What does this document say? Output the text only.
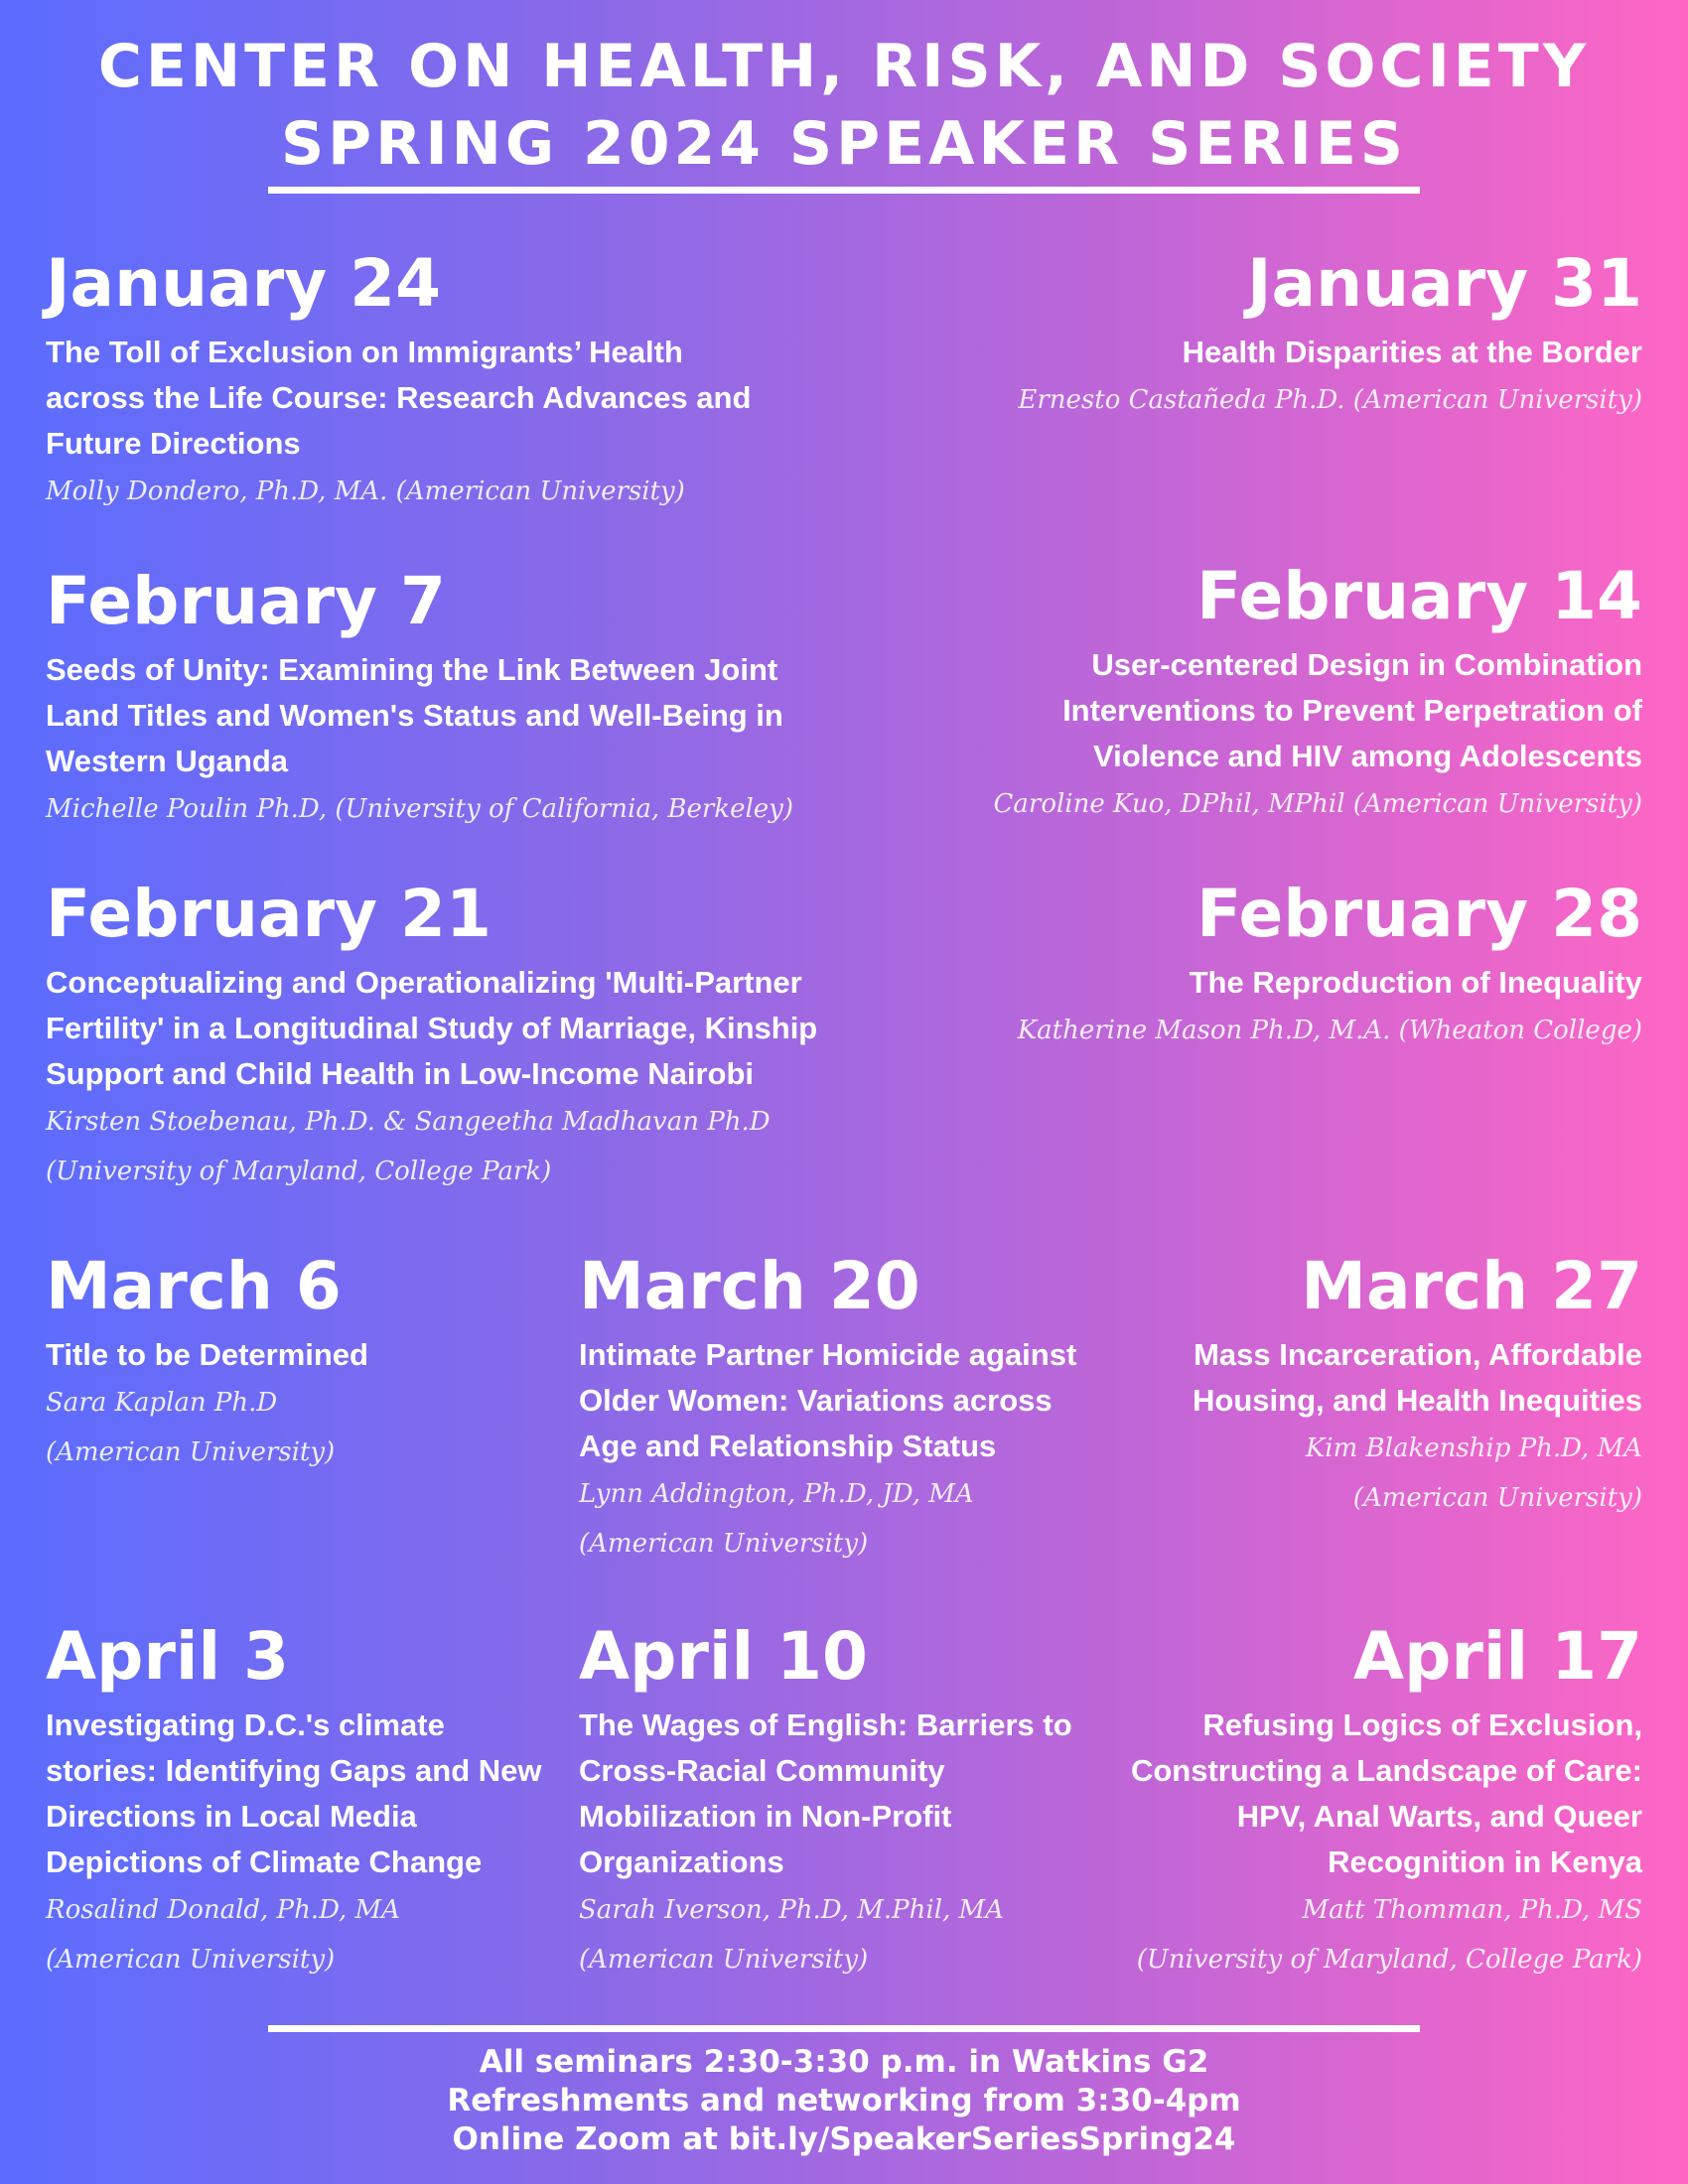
CENTER ON HEALTH, RISK, AND SOCIETY
SPRING 2024 SPEAKER SERIES
January 24
The Toll of Exclusion on Immigrants’ Health across the Life Course: Research Advances and Future Directions
Molly Dondero, Ph.D, MA. (American University)
January 31
Health Disparities at the Border
Ernesto Castañeda Ph.D. (American University)
February 7
Seeds of Unity: Examining the Link Between Joint Land Titles and Women's Status and Well-Being in Western Uganda
Michelle Poulin Ph.D, (University of California, Berkeley)
February 14
User-centered Design in Combination Interventions to Prevent Perpetration of Violence and HIV among Adolescents
Caroline Kuo, DPhil, MPhil (American University)
February 21
Conceptualizing and Operationalizing 'Multi-Partner Fertility' in a Longitudinal Study of Marriage, Kinship Support and Child Health in Low-Income Nairobi
Kirsten Stoebenau, Ph.D. & Sangeetha Madhavan Ph.D
(University of Maryland, College Park)
February 28
The Reproduction of Inequality
Katherine Mason Ph.D, M.A. (Wheaton College)
March 6
Title to be Determined
Sara Kaplan Ph.D
(American University)
March 20
Intimate Partner Homicide against Older Women: Variations across Age and Relationship Status
Lynn Addington, Ph.D, JD, MA
(American University)
March 27
Mass Incarceration, Affordable Housing, and Health Inequities
Kim Blakenship Ph.D, MA
(American University)
April 3
Investigating D.C.'s climate stories: Identifying Gaps and New Directions in Local Media Depictions of Climate Change
Rosalind Donald, Ph.D, MA
(American University)
April 10
The Wages of English: Barriers to Cross-Racial Community Mobilization in Non-Profit Organizations
Sarah Iverson, Ph.D, M.Phil, MA
(American University)
April 17
Refusing Logics of Exclusion, Constructing a Landscape of Care: HPV, Anal Warts, and Queer Recognition in Kenya
Matt Thomman, Ph.D, MS
(University of Maryland, College Park)
All seminars 2:30-3:30 p.m. in Watkins G2
Refreshments and networking from 3:30-4pm
Online Zoom at bit.ly/SpeakerSeriesSpring24
